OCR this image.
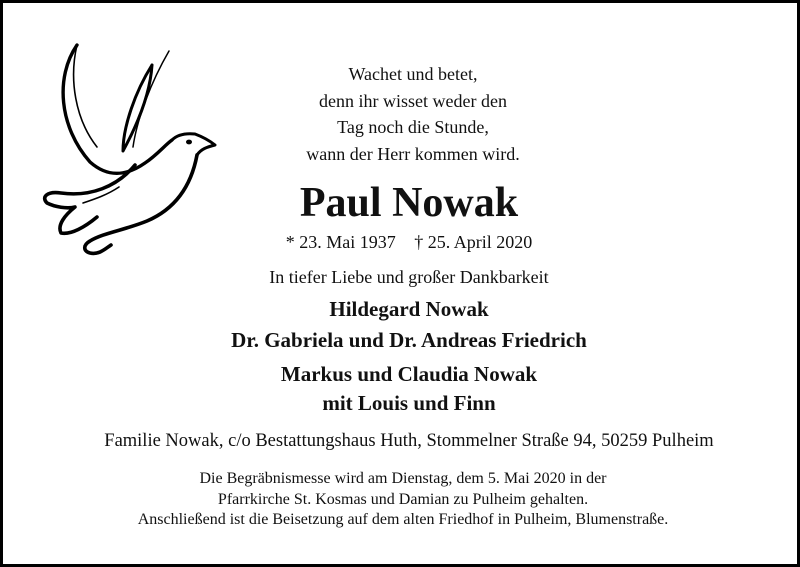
Wachet und betet,
denn ihr wisset weder den
Tag noch die Stunde,
wann der Herr kommen wird.
Paul Nowak
* 23. Mai 1937 † 25. April 2020
In tiefer Liebe und großer Dankbarkeit
Hildegard Nowak
Dr. Gabriela und Dr. Andreas Friedrich
Markus und Claudia Nowak
mit Louis und Finn
Familie Nowak, c/o Bestattungshaus Huth, Stommelner Straße 94, 50259 Pulheim
Die Begräbnismesse wird am Dienstag, dem 5. Mai 2020 in der
Pfarrkirche St. Kosmas und Damian zu Pulheim gehalten.
Anschließend ist die Beisetzung auf dem alten Friedhof in Pulheim, Blumenstraße.
